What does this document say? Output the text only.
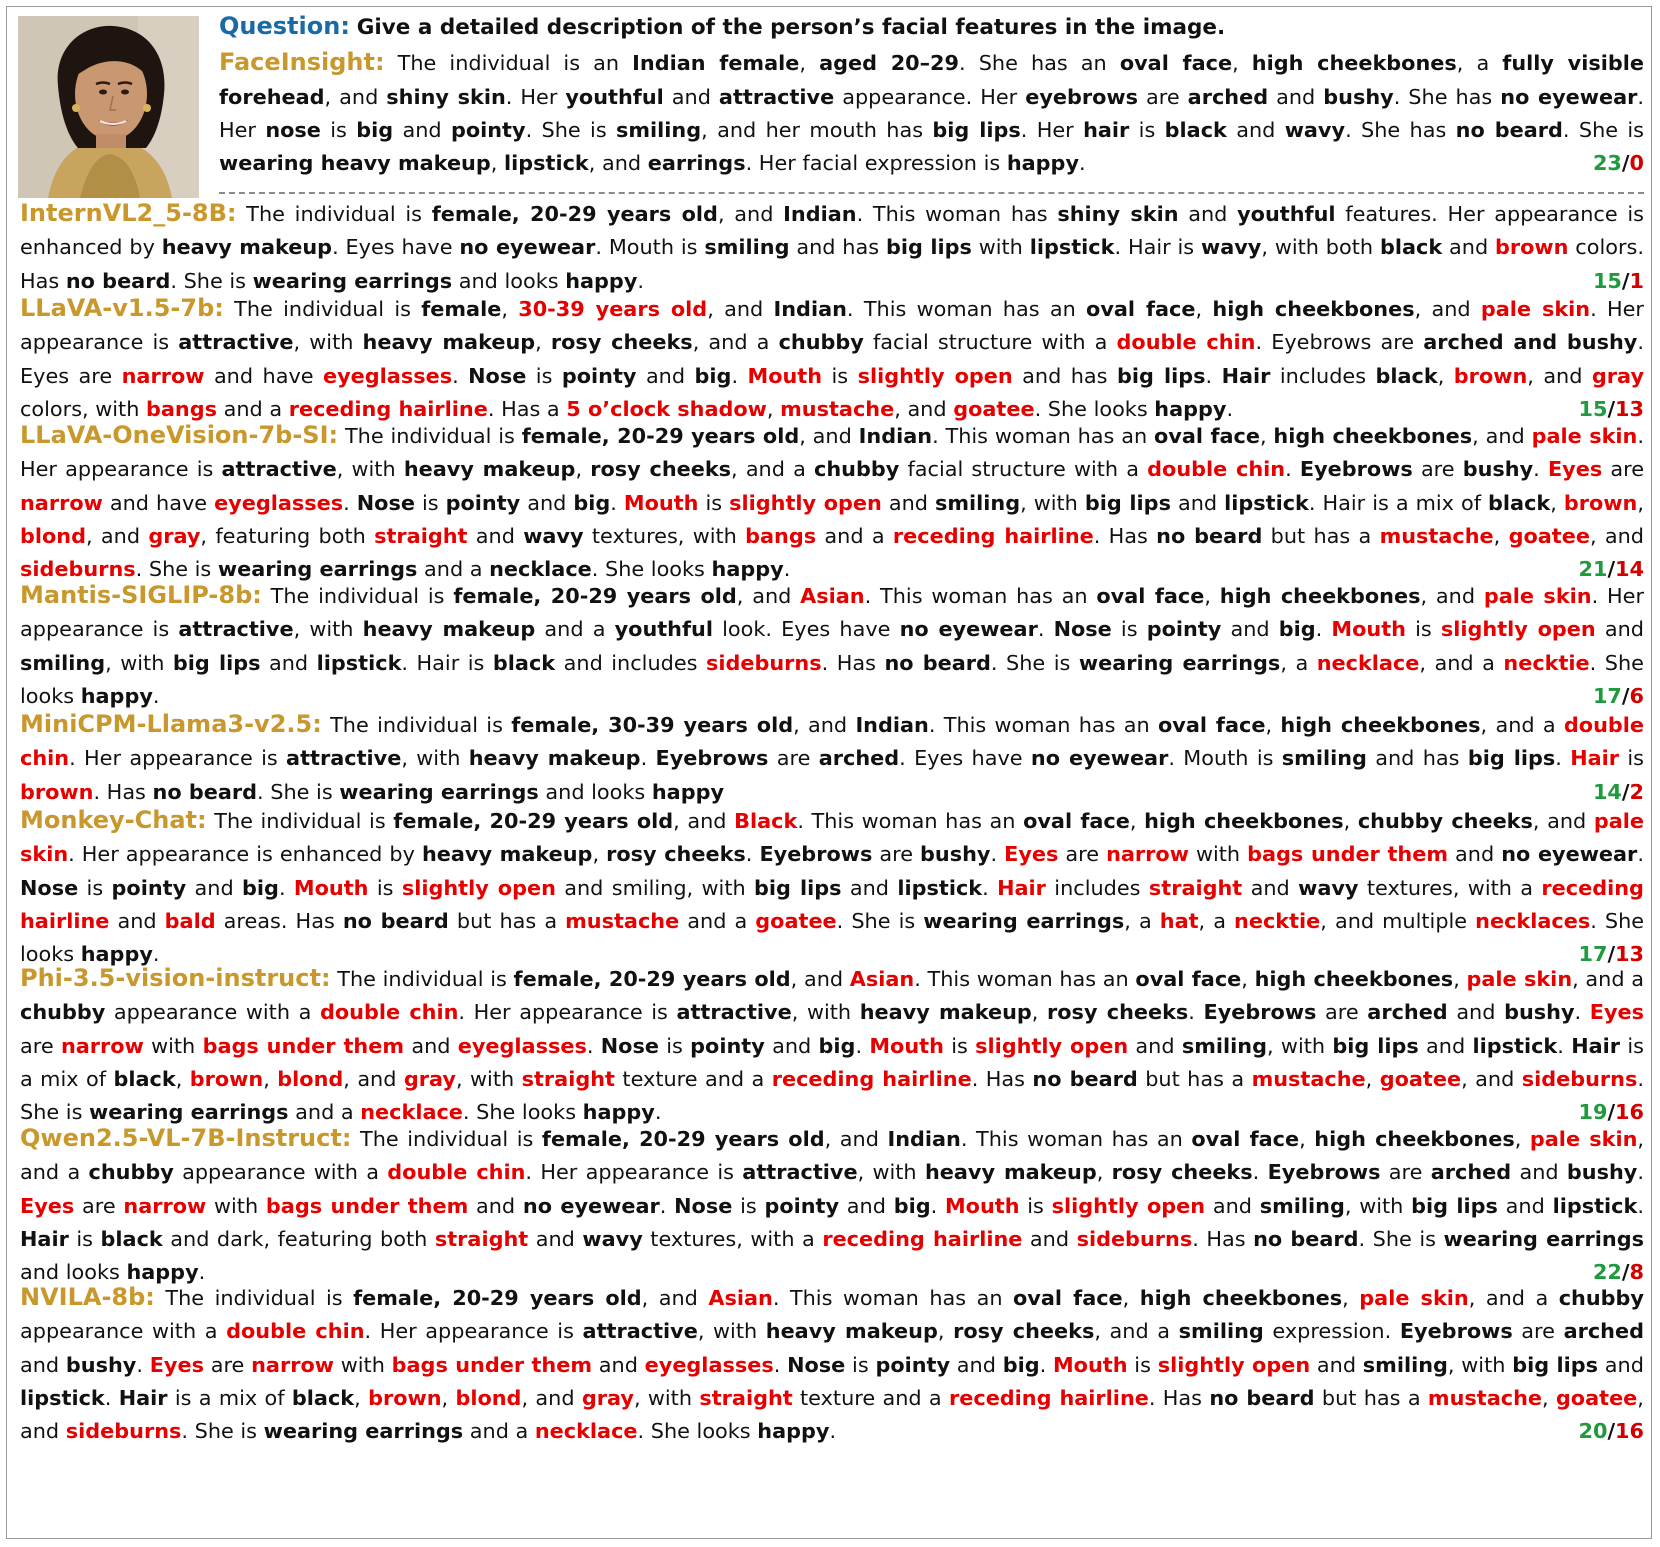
Question: Give a detailed description of the person’s facial features in the image.
FaceInsight: The individual is an Indian female, aged 20–29. She has an oval face, high cheekbones, a fully visible forehead, and shiny skin. Her youthful and attractive appearance. Her eyebrows are arched and bushy. She has no eyewear. Her nose is big and pointy. She is smiling, and her mouth has big lips. Her hair is black and wavy. She has no beard. She is wearing heavy makeup, lipstick, and earrings. Her facial expression is happy.	23/0
InternVL2_5-8B: The individual is female, 20-29 years old, and Indian. This woman has shiny skin and youthful features. Her appearance is enhanced by heavy makeup. Eyes have no eyewear. Mouth is smiling and has big lips with lipstick. Hair is wavy, with both black and brown colors. Has no beard. She is wearing earrings and looks happy.	15/1
LLaVA-v1.5-7b: The individual is female, 30-39 years old, and Indian. This woman has an oval face, high cheekbones, and pale skin. Her appearance is attractive, with heavy makeup, rosy cheeks, and a chubby facial structure with a double chin. Eyebrows are arched and bushy. Eyes are narrow and have eyeglasses. Nose is pointy and big. Mouth is slightly open and has big lips. Hair includes black, brown, and gray colors, with bangs and a receding hairline. Has a 5 o’clock shadow, mustache, and goatee. She looks happy.	15/13
LLaVA-OneVision-7b-SI: The individual is female, 20-29 years old, and Indian. This woman has an oval face, high cheekbones, and pale skin. Her appearance is attractive, with heavy makeup, rosy cheeks, and a chubby facial structure with a double chin. Eyebrows are bushy. Eyes are narrow and have eyeglasses. Nose is pointy and big. Mouth is slightly open and smiling, with big lips and lipstick. Hair is a mix of black, brown, blond, and gray, featuring both straight and wavy textures, with bangs and a receding hairline. Has no beard but has a mustache, goatee, and sideburns. She is wearing earrings and a necklace. She looks happy.	21/14
Mantis-SIGLIP-8b: The individual is female, 20-29 years old, and Asian. This woman has an oval face, high cheekbones, and pale skin. Her appearance is attractive, with heavy makeup and a youthful look. Eyes have no eyewear. Nose is pointy and big. Mouth is slightly open and smiling, with big lips and lipstick. Hair is black and includes sideburns. Has no beard. She is wearing earrings, a necklace, and a necktie. She looks happy.	17/6
MiniCPM-Llama3-v2.5: The individual is female, 30-39 years old, and Indian. This woman has an oval face, high cheekbones, and a double chin. Her appearance is attractive, with heavy makeup. Eyebrows are arched. Eyes have no eyewear. Mouth is smiling and has big lips. Hair is brown. Has no beard. She is wearing earrings and looks happy	14/2
Monkey-Chat: The individual is female, 20-29 years old, and Black. This woman has an oval face, high cheekbones, chubby cheeks, and pale skin. Her appearance is enhanced by heavy makeup, rosy cheeks. Eyebrows are bushy. Eyes are narrow with bags under them and no eyewear. Nose is pointy and big. Mouth is slightly open and smiling, with big lips and lipstick. Hair includes straight and wavy textures, with a receding hairline and bald areas. Has no beard but has a mustache and a goatee. She is wearing earrings, a hat, a necktie, and multiple necklaces. She looks happy.	17/13
Phi-3.5-vision-instruct: The individual is female, 20-29 years old, and Asian. This woman has an oval face, high cheekbones, pale skin, and a chubby appearance with a double chin. Her appearance is attractive, with heavy makeup, rosy cheeks. Eyebrows are arched and bushy. Eyes are narrow with bags under them and eyeglasses. Nose is pointy and big. Mouth is slightly open and smiling, with big lips and lipstick. Hair is a mix of black, brown, blond, and gray, with straight texture and a receding hairline. Has no beard but has a mustache, goatee, and sideburns. She is wearing earrings and a necklace. She looks happy.	19/16
Qwen2.5-VL-7B-Instruct: The individual is female, 20-29 years old, and Indian. This woman has an oval face, high cheekbones, pale skin, and a chubby appearance with a double chin. Her appearance is attractive, with heavy makeup, rosy cheeks. Eyebrows are arched and bushy. Eyes are narrow with bags under them and no eyewear. Nose is pointy and big. Mouth is slightly open and smiling, with big lips and lipstick. Hair is black and dark, featuring both straight and wavy textures, with a receding hairline and sideburns. Has no beard. She is wearing earrings and looks happy.	22/8
NVILA-8b: The individual is female, 20-29 years old, and Asian. This woman has an oval face, high cheekbones, pale skin, and a chubby appearance with a double chin. Her appearance is attractive, with heavy makeup, rosy cheeks, and a smiling expression. Eyebrows are arched and bushy. Eyes are narrow with bags under them and eyeglasses. Nose is pointy and big. Mouth is slightly open and smiling, with big lips and lipstick. Hair is a mix of black, brown, blond, and gray, with straight texture and a receding hairline. Has no beard but has a mustache, goatee, and sideburns. She is wearing earrings and a necklace. She looks happy.	20/16
